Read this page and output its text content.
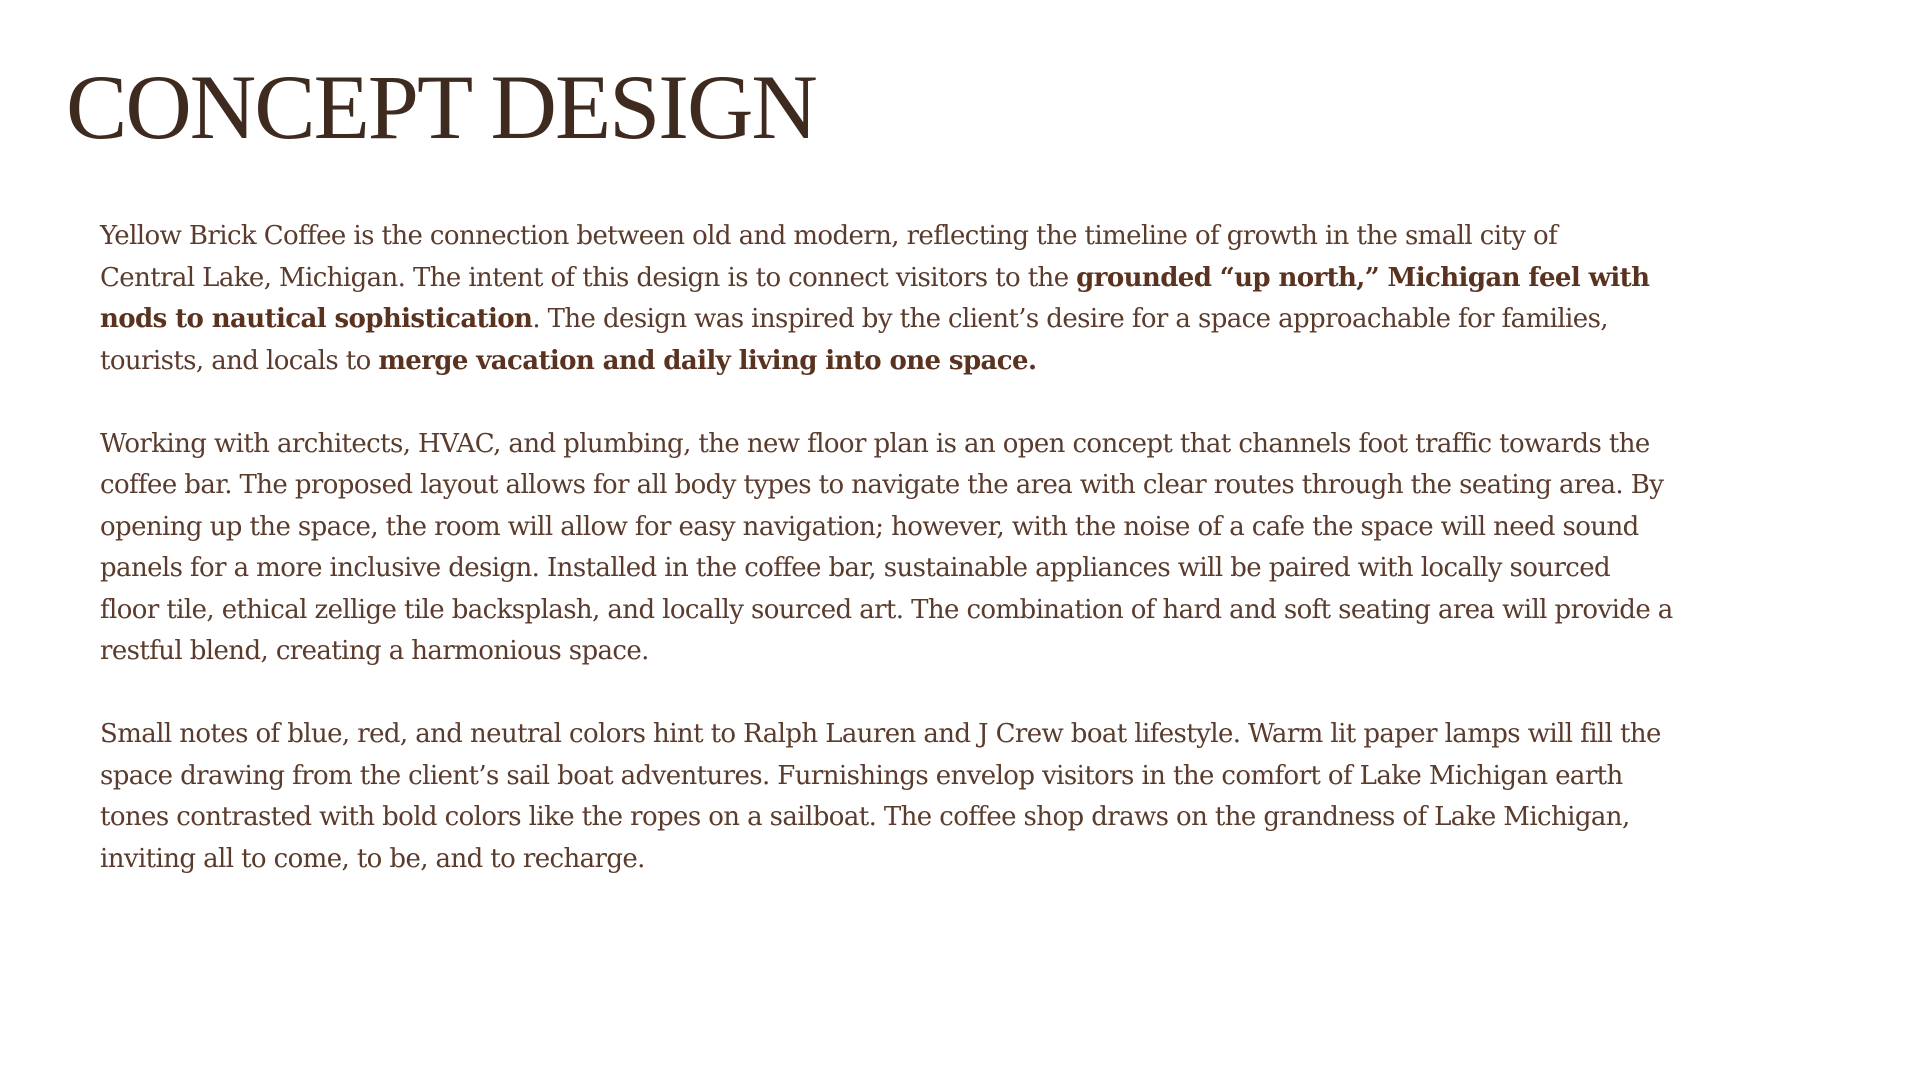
CONCEPT DESIGN

Yellow Brick Coffee is the connection between old and modern, reflecting the timeline of growth in the small city of
Central Lake, Michigan. The intent of this design is to connect visitors to the grounded “up north,” Michigan feel with
nods to nautical sophistication. The design was inspired by the client’s desire for a space approachable for families,
tourists, and locals to merge vacation and daily living into one space.

Working with architects, HVAC, and plumbing, the new floor plan is an open concept that channels foot traffic towards the
coffee bar. The proposed layout allows for all body types to navigate the area with clear routes through the seating area. By
opening up the space, the room will allow for easy navigation; however, with the noise of a cafe the space will need sound
panels for a more inclusive design. Installed in the coffee bar, sustainable appliances will be paired with locally sourced
floor tile, ethical zellige tile backsplash, and locally sourced art. The combination of hard and soft seating area will provide a
restful blend, creating a harmonious space.

Small notes of blue, red, and neutral colors hint to Ralph Lauren and J Crew boat lifestyle. Warm lit paper lamps will fill the
space drawing from the client’s sail boat adventures. Furnishings envelop visitors in the comfort of Lake Michigan earth
tones contrasted with bold colors like the ropes on a sailboat. The coffee shop draws on the grandness of Lake Michigan,
inviting all to come, to be, and to recharge.
